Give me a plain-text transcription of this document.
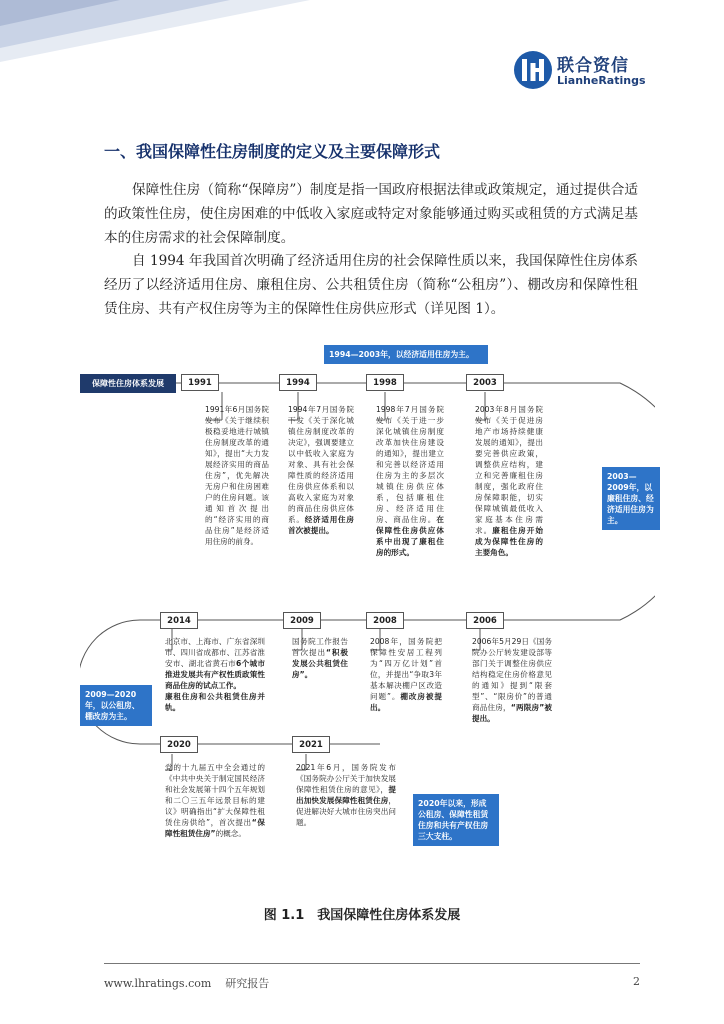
联合资信
LianheRatings
一、我国保障性住房制度的定义及主要保障形式
保障性住房（简称“保障房”）制度是指一国政府根据法律或政策规定，通过提供合适的政策性住房，使住房困难的中低收入家庭或特定对象能够通过购买或租赁的方式满足基本的住房需求的社会保障制度。
自 1994 年我国首次明确了经济适用住房的社会保障性质以来，我国保障性住房体系经历了以经济适用住房、廉租住房、公共租赁住房（简称“公租房”）、棚改房和保障性租赁住房、共有产权住房等为主的保障性住房供应形式（详见图 1）。
保障性住房体系发展	1991	1994	1998	2003
2006
2008
2009
2014
2020	2021
1991年6月国务院发布《关于继续积极稳妥地进行城镇住房制度改革的通知》，提出“大力发展经济实用的商品住房”，优先解决无房户和住房困难户的住房问题。该通知首次提出的“经济实用的商品住房”是经济适用住房的前身。
1994年7月国务院下发《关于深化城镇住房制度改革的决定》，强调要建立以中低收入家庭为对象、具有社会保障性质的经济适用住房供应体系和以高收入家庭为对象的商品住房供应体系。经济适用住房首次被提出。
1998年7月国务院发布《关于进一步深化城镇住房制度改革加快住房建设的通知》，提出建立和完善以经济适用住房为主的多层次城镇住房供应体系，包括廉租住房、经济适用住房、商品住房。在保障性住房供应体系中出现了廉租住房的形式。
2003年8月国务院发布《关于促进房地产市场持续健康发展的通知》，提出要完善供应政策，调整供应结构，建立和完善廉租住房制度，强化政府住房保障职能，切实保障城镇最低收入家庭基本住房需求。廉租住房开始成为保障性住房的主要角色。
2006年5月29日《国务院办公厅转发建设部等部门关于调整住房供应结构稳定住房价格意见的通知》提到“限套型”、“限房价”的普通商品住房，“两限房”被提出。
2008年，国务院把保障性安居工程列为“四万亿计划”首位，并提出“争取3年基本解决棚户区改造问题”。棚改房被提出。
国务院工作报告首次提出“积极发展公共租赁住房”。
北京市、上海市、广东省深圳市、四川省成都市、江苏省淮安市、湖北省黄石市6个城市推进发展共有产权性质政策性商品住房的试点工作。
廉租住房和公共租赁住房并轨。
党的十九届五中全会通过的《中共中央关于制定国民经济和社会发展第十四个五年规划和二〇三五年远景目标的建议》明确指出“扩大保障性租赁住房供给”，首次提出“保障性租赁住房”的概念。
2021年6月，国务院发布《国务院办公厅关于加快发展保障性租赁住房的意见》，提出加快发展保障性租赁住房，促进解决好大城市住房突出问题。
1994—2003年，以经济适用住房为主。
2003—2009年，以廉租住房、经济适用住房为主。
2009—2020年，以公租房、棚改房为主。
2020年以来，形成公租房、保障性租赁住房和共有产权住房三大支柱。
图 1.1　我国保障性住房体系发展
www.lhratings.com 研究报告	2
